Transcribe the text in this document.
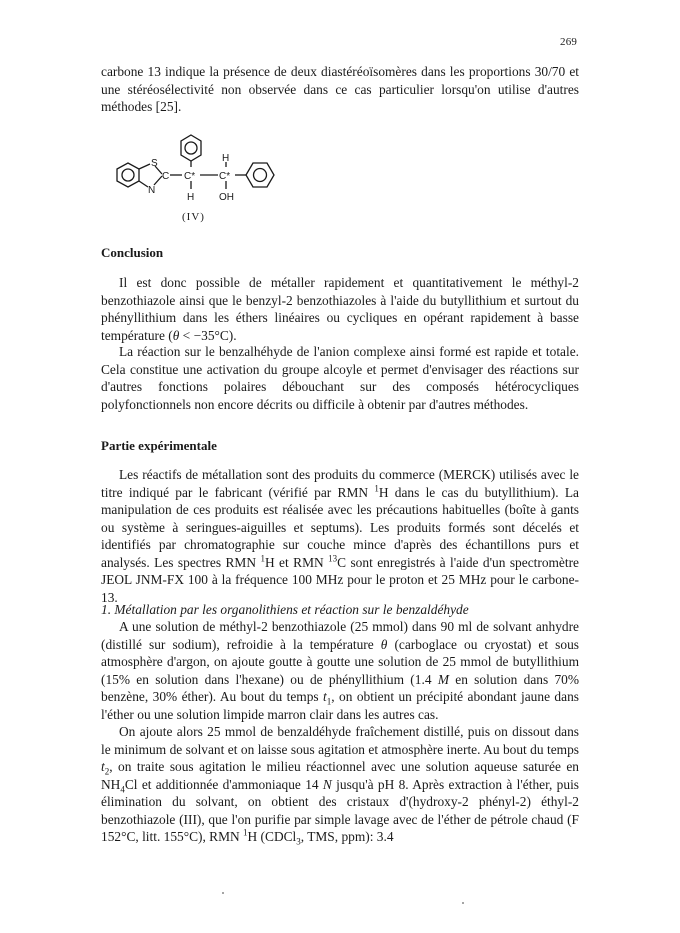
269

carbone 13 indique la présence de deux diastéréoïsomères dans les proportions 30/70 et une stéréosélectivité non observée dans ce cas particulier lorsqu'on utilise d'autres méthodes [25].

S
N
C C* C*
H
H OH
(IV)
Conclusion

Il est donc possible de métaller rapidement et quantitativement le méthyl-2 benzothiazole ainsi que le benzyl-2 benzothiazoles à l'aide du butyllithium et surtout du phényllithium dans les éthers linéaires ou cycliques en opérant rapidement à basse température (θ < −35°C).

La réaction sur le benzalhéhyde de l'anion complexe ainsi formé est rapide et totale. Cela constitue une activation du groupe alcoyle et permet d'envisager des réactions sur d'autres fonctions polaires débouchant sur des composés hétérocycliques polyfonctionnels non encore décrits ou difficile à obtenir par d'autres méthodes.

Partie expérimentale

Les réactifs de métallation sont des produits du commerce (MERCK) utilisés avec le titre indiqué par le fabricant (vérifié par RMN $^1$H dans le cas du butyllithium). La manipulation de ces produits est réalisée avec les précautions habituelles (boîte à gants ou système à seringues-aiguilles et septums). Les produits formés sont décelés et identifiés par chromatographie sur couche mince d'après des échantillons purs et analysés. Les spectres RMN $^1$H et RMN $^{13}$C sont enregistrés à l'aide d'un spectromètre JEOL JNM-FX 100 à la fréquence 100 MHz pour le proton et 25 MHz pour le carbone-13.

1. Métallation par les organolithiens et réaction sur le benzaldéhyde

A une solution de méthyl-2 benzothiazole (25 mmol) dans 90 ml de solvant anhydre (distillé sur sodium), refroidie à la température θ (carboglace ou cryostat) et sous atmosphère d'argon, on ajoute goutte à goutte une solution de 25 mmol de butyllithium (15% en solution dans l'hexane) ou de phényllithium (1.4 M en solution dans 70% benzène, 30% éther). Au bout du temps $t_1$, on obtient un précipité abondant jaune dans l'éther ou une solution limpide marron clair dans les autres cas.

On ajoute alors 25 mmol de benzaldéhyde fraîchement distillé, puis on dissout dans le minimum de solvant et on laisse sous agitation et atmosphère inerte. Au bout du temps $t_2$, on traite sous agitation le milieu réactionnel avec une solution aqueuse saturée en $NH_4Cl$ et additionnée d'ammoniaque 14 N jusqu'à pH 8. Après extraction à l'éther, puis élimination du solvant, on obtient des cristaux d'(hydroxy-2 phényl-2) éthyl-2 benzothiazole (III), que l'on purifie par simple lavage avec de l'éther de pétrole chaud (F 152°C, litt. 155°C), RMN $^1$H (CDCl$_3$, TMS, ppm): 3.4
